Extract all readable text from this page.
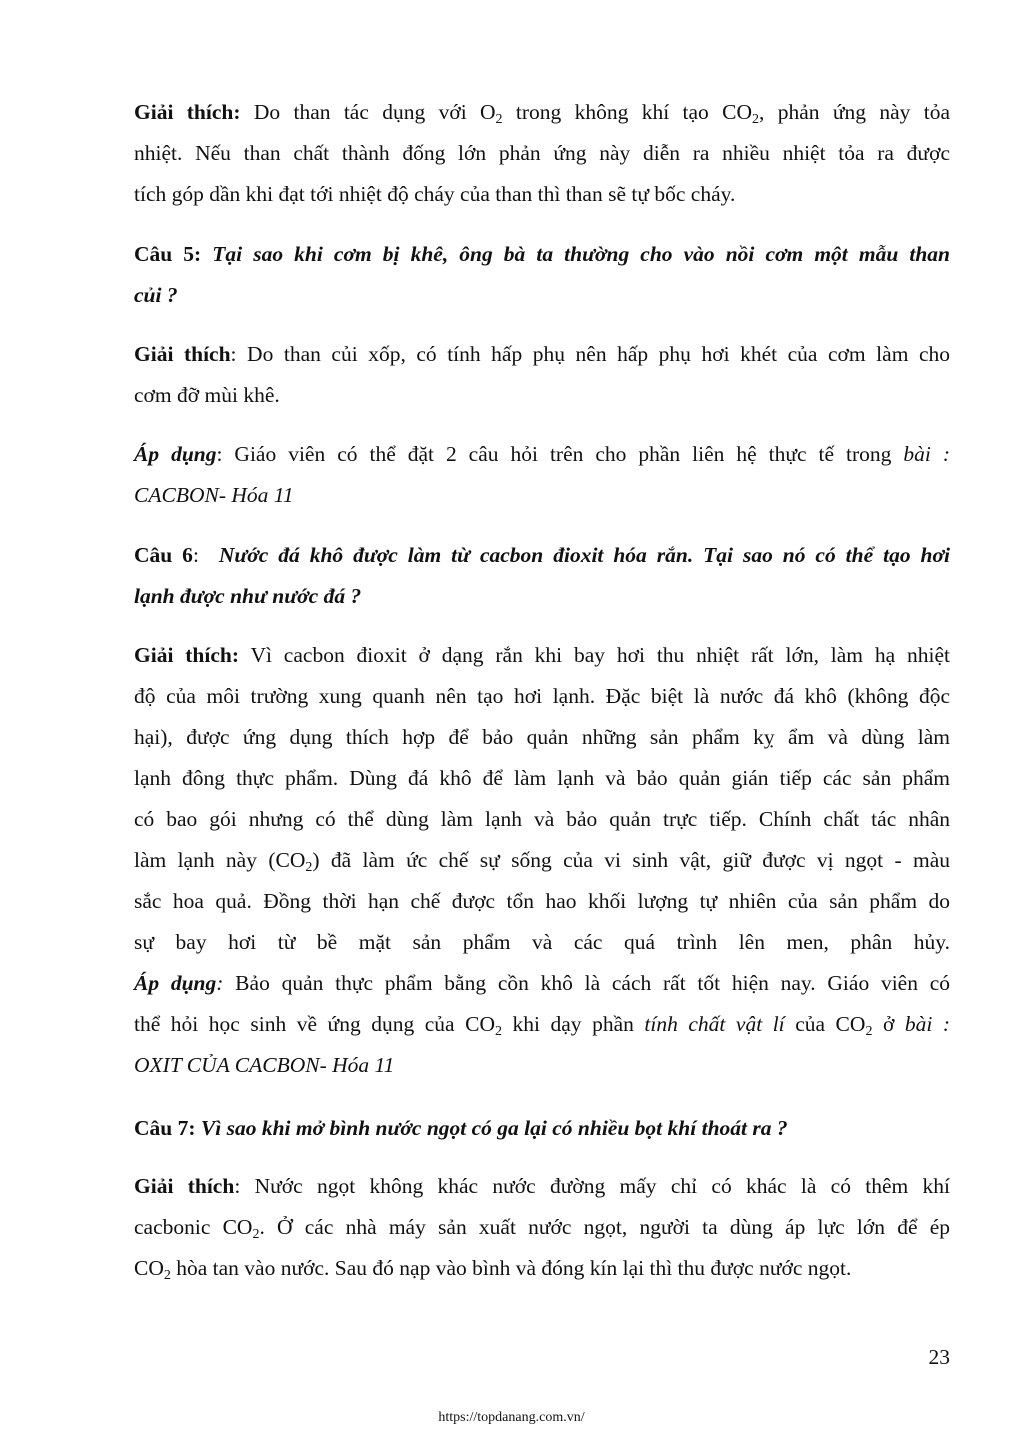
Giải thích: Do than tác dụng với $O_2$ trong không khí tạo $CO_2$, phản ứng này tỏa
nhiệt. Nếu than chất thành đống lớn phản ứng này diễn ra nhiều nhiệt tỏa ra được
tích góp dần khi đạt tới nhiệt độ cháy của than thì than sẽ tự bốc cháy.
Câu 5: Tại sao khi cơm bị khê, ông bà ta thường cho vào nồi cơm một mẫu than
củi ?
Giải thích: Do than củi xốp, có tính hấp phụ nên hấp phụ hơi khét của cơm làm cho
cơm đỡ mùi khê.
Áp dụng: Giáo viên có thể đặt 2 câu hỏi trên cho phần liên hệ thực tế trong bài :
CACBON- Hóa 11
Câu 6:  Nước đá khô được làm từ cacbon đioxit hóa rắn. Tại sao nó có thể tạo hơi
lạnh được như nước đá ?
Giải thích: Vì cacbon đioxit ở dạng rắn khi bay hơi thu nhiệt rất lớn, làm hạ nhiệt
độ của môi trường xung quanh nên tạo hơi lạnh. Đặc biệt là nước đá khô (không độc
hại), được ứng dụng thích hợp để bảo quản những sản phẩm kỵ ẩm và dùng làm
lạnh đông thực phẩm. Dùng đá khô để làm lạnh và bảo quản gián tiếp các sản phẩm
có bao gói nhưng có thể dùng làm lạnh và bảo quản trực tiếp. Chính chất tác nhân
làm lạnh này $(CO_2)$ đã làm ức chế sự sống của vi sinh vật, giữ được vị ngọt - màu
sắc hoa quả. Đồng thời hạn chế được tổn hao khối lượng tự nhiên của sản phẩm do
sự bay hơi từ bề mặt sản phẩm và các quá trình lên men, phân hủy.
Áp dụng: Bảo quản thực phẩm bằng cồn khô là cách rất tốt hiện nay. Giáo viên có
thể hỏi học sinh về ứng dụng của $CO_2$ khi dạy phần tính chất vật lí của $CO_2$ ở bài :
OXIT CỦA CACBON- Hóa 11
Câu 7: Vì sao khi mở bình nước ngọt có ga lại có nhiều bọt khí thoát ra ?
Giải thích: Nước ngọt không khác nước đường mấy chỉ có khác là có thêm khí
cacbonic $CO_2$. Ở các nhà máy sản xuất nước ngọt, người ta dùng áp lực lớn để ép
$CO_2$ hòa tan vào nước. Sau đó nạp vào bình và đóng kín lại thì thu được nước ngọt.
23
https://topdanang.com.vn/
